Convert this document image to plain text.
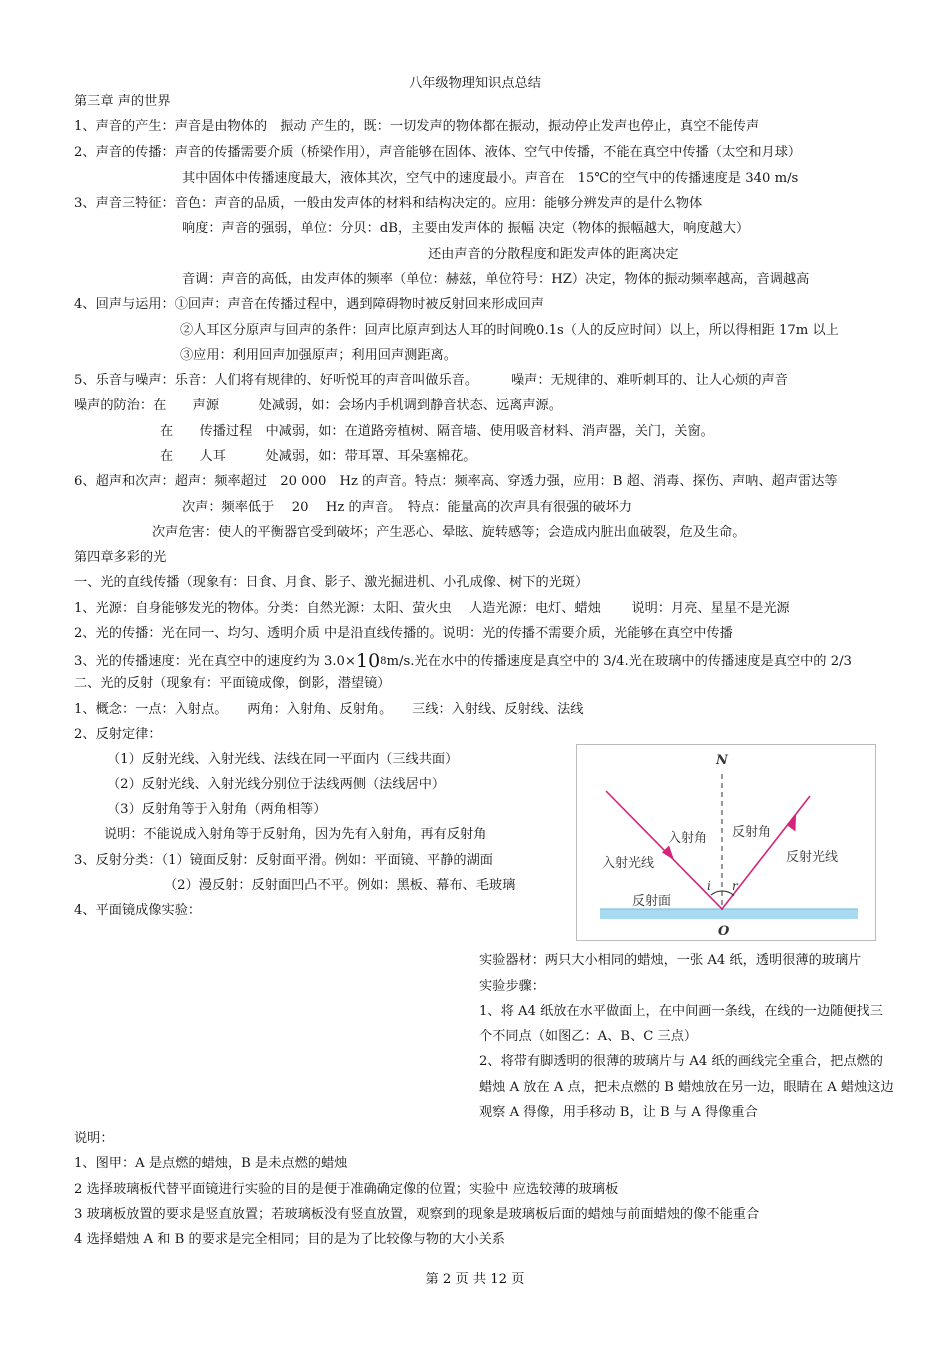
八年级物理知识点总结
第三章 声的世界
1、声音的产生：声音是由物体的　振动 产生的，既：一切发声的物体都在振动，振动停止发声也停止，真空不能传声
2、声音的传播：声音的传播需要介质（桥梁作用），声音能够在固体、液体、空气中传播，不能在真空中传播（太空和月球）
其中固体中传播速度最大，液体其次，空气中的速度最小。声音在　15℃的空气中的传播速度是 340 m/s
3、声音三特征：音色：声音的品质，一般由发声体的材料和结构决定的。应用：能够分辨发声的是什么物体
响度：声音的强弱，单位：分贝：dB，主要由发声体的 振幅 决定（物体的振幅越大，响度越大）
还由声音的分散程度和距发声体的距离决定
音调：声音的高低，由发声体的频率（单位：赫兹，单位符号：HZ）决定，物体的振动频率越高，音调越高
4、回声与运用：①回声：声音在传播过程中，遇到障碍物时被反射回来形成回声
②人耳区分原声与回声的条件：回声比原声到达人耳的时间晚0.1s（人的反应时间）以上，所以得相距 17m 以上
③应用：利用回声加强原声；利用回声测距离。
5、乐音与噪声：乐音：人们将有规律的、好听悦耳的声音叫做乐音。　　　噪声：无规律的、难听刺耳的、让人心烦的声音
噪声的防治：在　　声源　　　处减弱，如：会场内手机调到静音状态、远离声源。
在　　传播过程　中减弱，如：在道路旁植树、隔音墙、使用吸音材料、消声器，关门，关窗。
在　　人耳　　　处减弱，如：带耳罩、耳朵塞棉花。
6、超声和次声：超声：频率超过　20 000　Hz 的声音。特点：频率高、穿透力强，应用：B 超、消毒、探伤、声呐、超声雷达等
次声：频率低于　 20　 Hz 的声音。　特点：能量高的次声具有很强的破坏力
次声危害：使人的平衡器官受到破坏；产生恶心、晕眩、旋转感等；会造成内脏出血破裂，危及生命。
第四章多彩的光
一、光的直线传播（现象有：日食、月食、影子、激光掘进机、小孔成像、树下的光斑）
1、光源：自身能够发光的物体。分类：自然光源：太阳、萤火虫　 人造光源：电灯、蜡烛　　 说明：月亮、星星不是光源
2、光的传播：光在同一、均匀、透明介质 中是沿直线传播的。说明：光的传播不需要介质，光能够在真空中传播
二、光的反射（现象有：平面镜成像，倒影，潜望镜）
1、概念：一点：入射点。　　两角：入射角、反射角。　　三线：入射线、反射线、法线
2、反射定律：
（1）反射光线、入射光线、法线在同一平面内（三线共面）
（2）反射光线、入射光线分别位于法线两侧（法线居中）
（3）反射角等于入射角（两角相等）
说明：不能说成入射角等于反射角，因为先有入射角，再有反射角
3、反射分类：（1）镜面反射：反射面平滑。例如：平面镜、平静的湖面
（2）漫反射：反射面凹凸不平。例如：黑板、幕布、毛玻璃
4、平面镜成像实验：
实验器材：两只大小相同的蜡烛，一张 A4 纸，透明很薄的玻璃片
实验步骤：
1、将 A4 纸放在水平做面上，在中间画一条线，在线的一边随便找三
个不同点（如图乙：A、B、C 三点）
2、将带有脚透明的很薄的玻璃片与 A4 纸的画线完全重合，把点燃的
蜡烛 A 放在 A 点，把未点燃的 B 蜡烛放在另一边，眼睛在 A 蜡烛这边
观察 A 得像，用手移动 B，让 B 与 A 得像重合
说明：
1、图甲：A 是点燃的蜡烛，B 是未点燃的蜡烛
2 选择玻璃板代替平面镜进行实验的目的是便于准确确定像的位置；实验中 应选较薄的玻璃板
3 玻璃板放置的要求是竖直放置；若玻璃板没有竖直放置，观察到的现象是玻璃板后面的蜡烛与前面蜡烛的像不能重合
4 选择蜡烛 A 和 B 的要求是完全相同；目的是为了比较像与物的大小关系
3、光的传播速度：光在真空中的速度约为 3.0×108m/s.光在水中的传播速度是真空中的 3/4.光在玻璃中的传播速度是真空中的 2/3
N
O
i r
入射角 反射角
入射光线	反射光线
反射面
第 2 页 共 12 页
